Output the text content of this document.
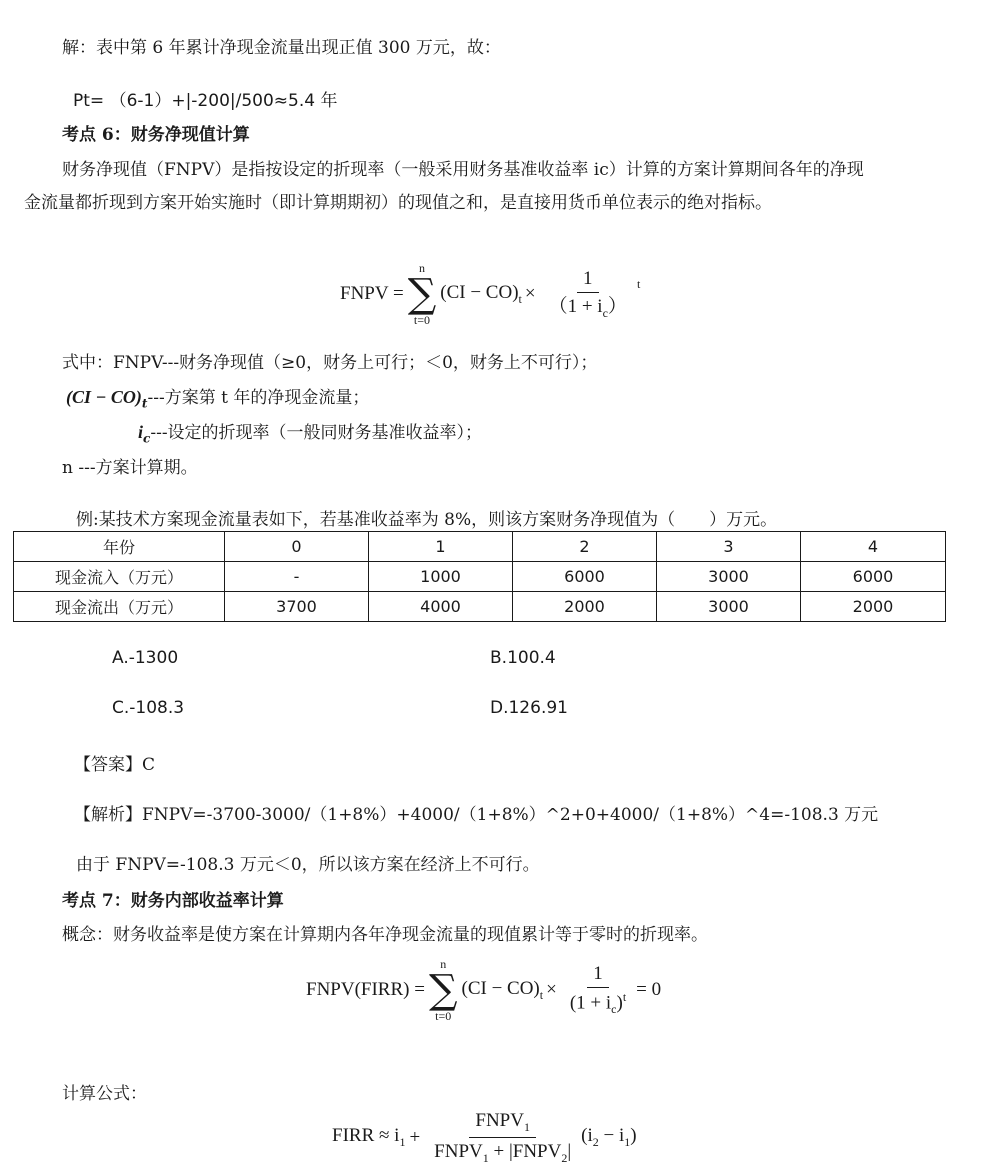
解：表中第 6 年累计净现金流量出现正值 300 万元，故：
Pt= （6-1）+|-200|/500≈5.4 年
考点 6：财务净现值计算
财务净现值（FNPV）是指按设定的折现率（一般采用财务基准收益率 ic）计算的方案计算期间各年的净现
金流量都折现到方案开始实施时（即计算期期初）的现值之和，是直接用货币单位表示的绝对指标。
FNPV =
n
∑
t=0
$(CI - CO)_t \times \frac{1}{(1 + i_c)} ^t$
式中：FNPV---财务净现值（≥0，财务上可行；＜0，财务上不可行）；
$(CI - CO)_t---$方案第 t 年的净现金流量；
$i_c---$设定的折现率（一般同财务基准收益率）；
n ---方案计算期。
例:某技术方案现金流量表如下，若基准收益率为 8%，则该方案财务净现值为（　　）万元。
年份	0	1	2	3	4
现金流入（万元）	-	1000	6000	3000	6000
现金流出（万元）	3700	4000	2000	3000	2000
A.-1300	B.100.4
C.-108.3	D.126.91
【答案】C
【解析】FNPV=-3700-3000/（1+8%）+4000/（1+8%）^2+0+4000/（1+8%）^4=-108.3 万元
由于 FNPV=-108.3 万元＜0，所以该方案在经济上不可行。
考点 7：财务内部收益率计算
概念：财务收益率是使方案在计算期内各年净现金流量的现值累计等于零时的折现率。
FNPV(FIRR) =
n
∑
t=0
$(CI - CO)_t \times \frac{1}{(1 + i_c)^t} = 0$
计算公式：
FIRR ≈ $i_1 + \frac{FNPV_1}{FNPV_1 + |FNPV_2|} (i_2 - i_1)$
